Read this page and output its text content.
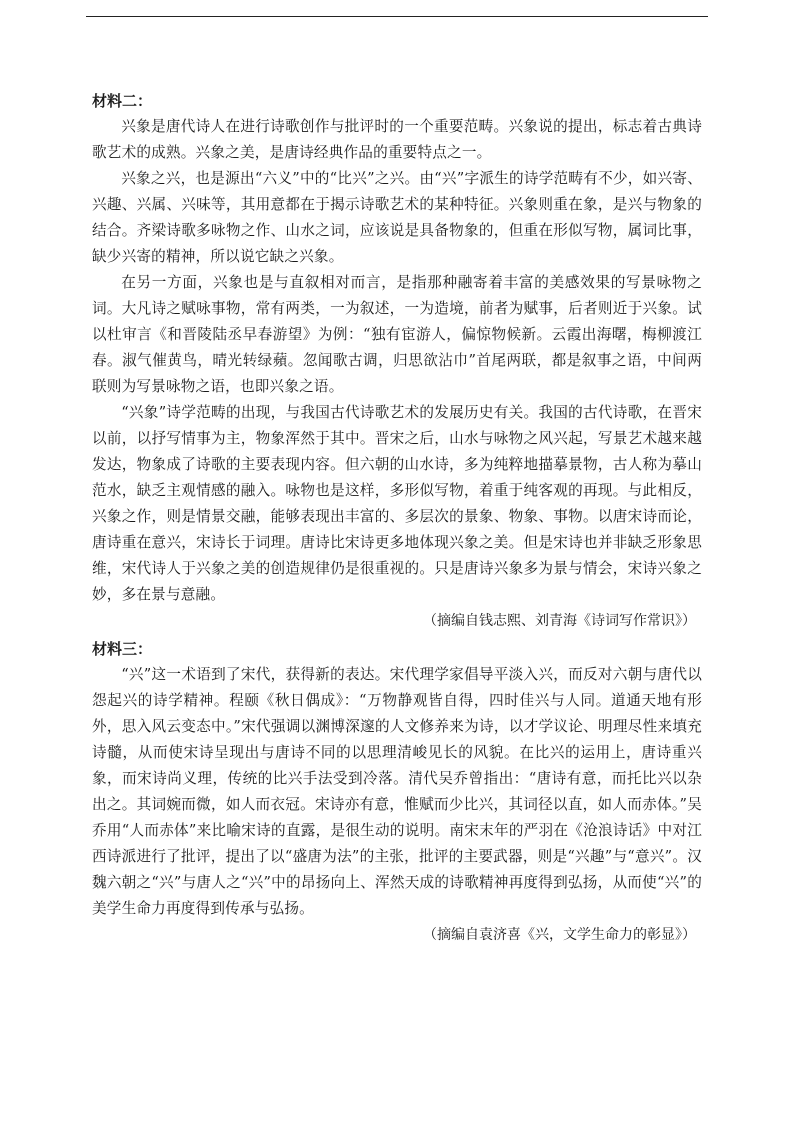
材料二：

兴象是唐代诗人在进行诗歌创作与批评时的一个重要范畴。兴象说的提出，标志着古典诗歌艺术的成熟。兴象之美，是唐诗经典作品的重要特点之一。

兴象之兴，也是源出“六义”中的“比兴”之兴。由“兴”字派生的诗学范畴有不少，如兴寄、兴趣、兴属、兴味等，其用意都在于揭示诗歌艺术的某种特征。兴象则重在象，是兴与物象的结合。齐梁诗歌多咏物之作、山水之词，应该说是具备物象的，但重在形似写物，属词比事，缺少兴寄的精神，所以说它缺之兴象。

在另一方面，兴象也是与直叙相对而言，是指那种融寄着丰富的美感效果的写景咏物之词。大凡诗之赋咏事物，常有两类，一为叙述，一为造境，前者为赋事，后者则近于兴象。试以杜审言《和晋陵陆丞早春游望》为例：“独有宦游人，偏惊物候新。云霞出海曙，梅柳渡江春。淑气催黄鸟，晴光转绿蘋。忽闻歌古调，归思欲沾巾”首尾两联，都是叙事之语，中间两联则为写景咏物之语，也即兴象之语。

“兴象”诗学范畴的出现，与我国古代诗歌艺术的发展历史有关。我国的古代诗歌，在晋宋以前，以抒写情事为主，物象浑然于其中。晋宋之后，山水与咏物之风兴起，写景艺术越来越发达，物象成了诗歌的主要表现内容。但六朝的山水诗，多为纯粹地描摹景物，古人称为摹山范水，缺乏主观情感的融入。咏物也是这样，多形似写物，着重于纯客观的再现。与此相反，兴象之作，则是情景交融，能够表现出丰富的、多层次的景象、物象、事物。以唐宋诗而论，唐诗重在意兴，宋诗长于词理。唐诗比宋诗更多地体现兴象之美。但是宋诗也并非缺乏形象思维，宋代诗人于兴象之美的创造规律仍是很重视的。只是唐诗兴象多为景与情会，宋诗兴象之妙，多在景与意融。

（摘编自钱志熙、刘青海《诗词写作常识》）

材料三：

“兴”这一术语到了宋代，获得新的表达。宋代理学家倡导平淡入兴，而反对六朝与唐代以怨起兴的诗学精神。程颐《秋日偶成》：“万物静观皆自得，四时佳兴与人同。道通天地有形外，思入风云变态中。”宋代强调以渊博深邃的人文修养来为诗，以才学议论、明理尽性来填充诗髓，从而使宋诗呈现出与唐诗不同的以思理清峻见长的风貌。在比兴的运用上，唐诗重兴象，而宋诗尚义理，传统的比兴手法受到冷落。清代吴乔曾指出：“唐诗有意，而托比兴以杂出之。其词婉而微，如人而衣冠。宋诗亦有意，惟赋而少比兴，其词径以直，如人而赤体。”吴乔用“人而赤体”来比喻宋诗的直露，是很生动的说明。南宋末年的严羽在《沧浪诗话》中对江西诗派进行了批评，提出了以“盛唐为法”的主张，批评的主要武器，则是“兴趣”与“意兴”。汉魏六朝之“兴”与唐人之“兴”中的昂扬向上、浑然天成的诗歌精神再度得到弘扬，从而使“兴”的美学生命力再度得到传承与弘扬。

（摘编自袁济喜《兴，文学生命力的彰显》）
